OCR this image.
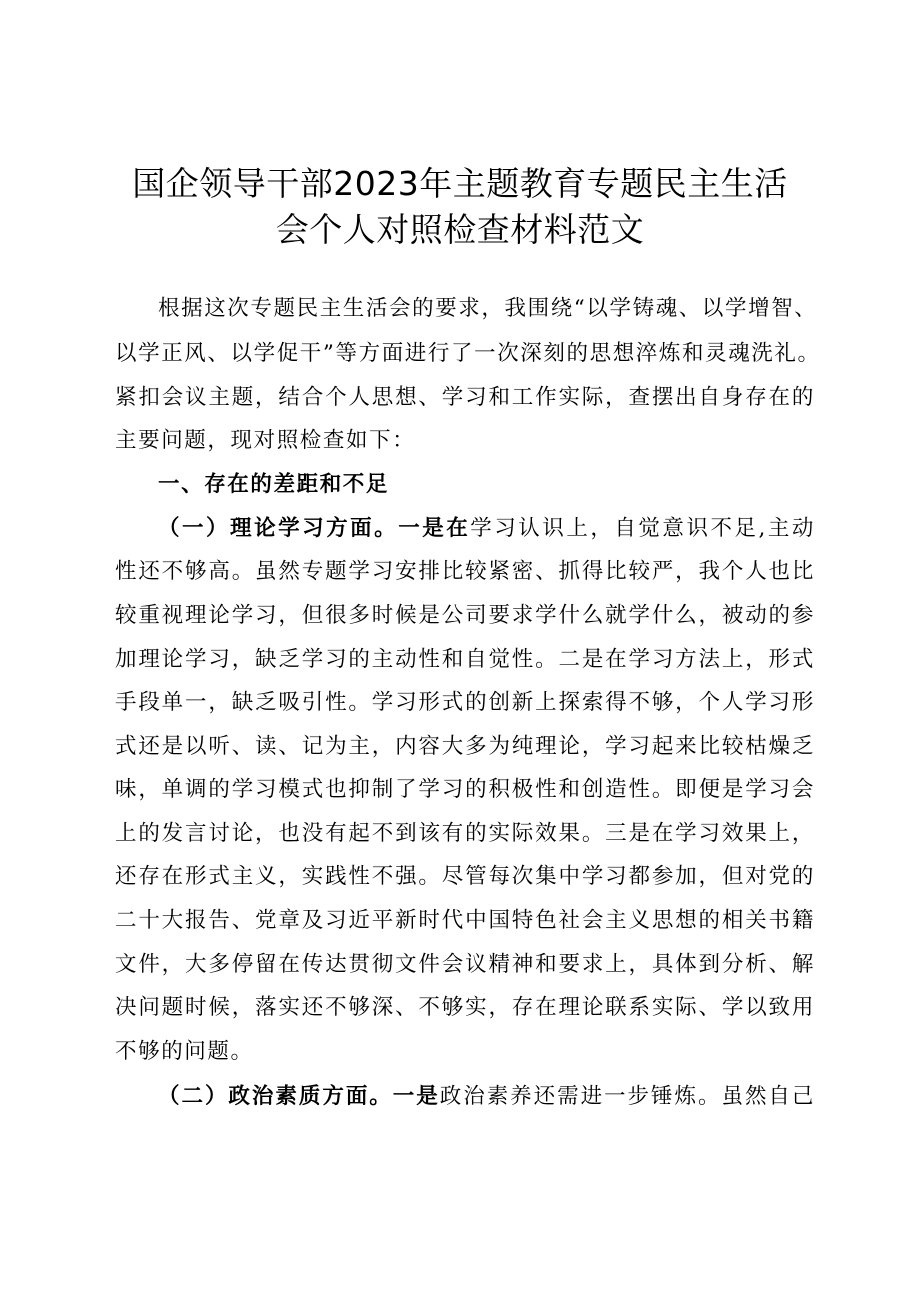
国企领导干部2023年主题教育专题民主生活
会个人对照检查材料范文
根据这次专题民主生活会的要求，我围绕“以学铸魂、以学增智、
以学正风、以学促干”等方面进行了一次深刻的思想淬炼和灵魂洗礼。
紧扣会议主题，结合个人思想、学习和工作实际，查摆出自身存在的
主要问题，现对照检查如下：
一、存在的差距和不足
（一）理论学习方面。一是在学习认识上，自觉意识不足,主动
性还不够高。虽然专题学习安排比较紧密、抓得比较严，我个人也比
较重视理论学习，但很多时候是公司要求学什么就学什么，被动的参
加理论学习，缺乏学习的主动性和自觉性。二是在学习方法上，形式
手段单一，缺乏吸引性。学习形式的创新上探索得不够，个人学习形
式还是以听、读、记为主，内容大多为纯理论，学习起来比较枯燥乏
味，单调的学习模式也抑制了学习的积极性和创造性。即便是学习会
上的发言讨论，也没有起不到该有的实际效果。三是在学习效果上，
还存在形式主义，实践性不强。尽管每次集中学习都参加，但对党的
二十大报告、党章及习近平新时代中国特色社会主义思想的相关书籍
文件，大多停留在传达贯彻文件会议精神和要求上，具体到分析、解
决问题时候，落实还不够深、不够实，存在理论联系实际、学以致用
不够的问题。
（二）政治素质方面。一是政治素养还需进一步锤炼。虽然自己
